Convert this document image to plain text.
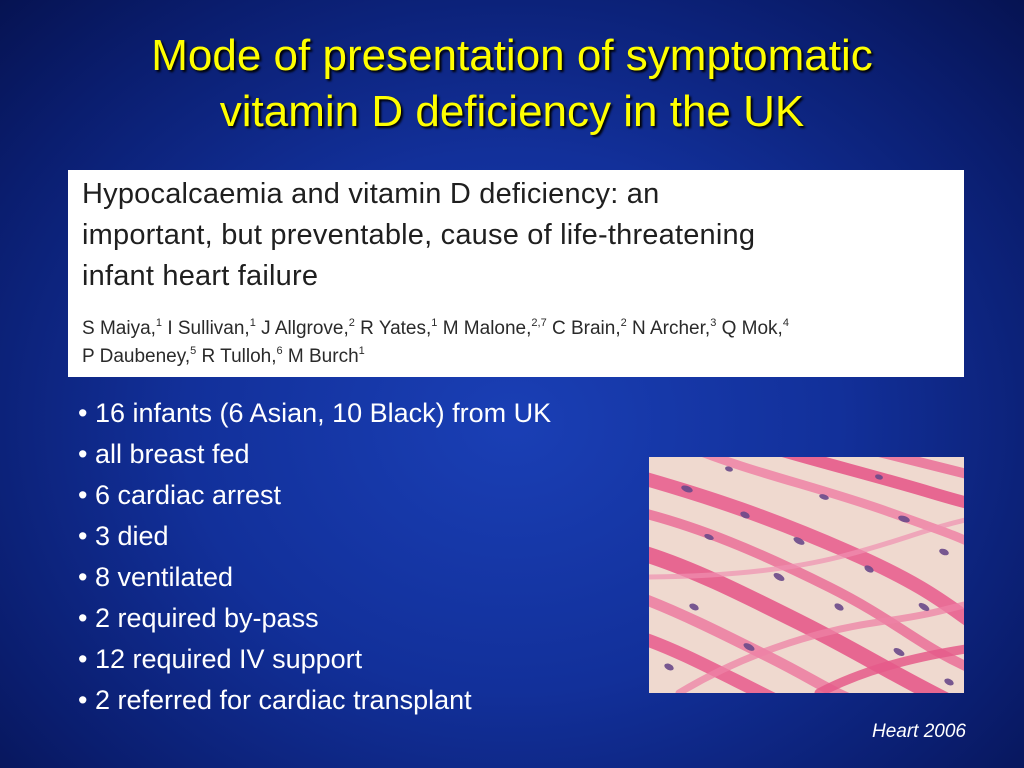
Mode of presentation of symptomatic
vitamin D deficiency in the UK
Hypocalcaemia and vitamin D deficiency: an
important, but preventable, cause of life-threatening
infant heart failure
S Maiya,$^1$ I Sullivan,$^1$ J Allgrove,$^2$ R Yates,$^1$ M Malone,$^{2,7}$ C Brain,$^2$ N Archer,$^3$ Q Mok,$^4$
P Daubeney,$^5$ R Tulloh,$^6$ M Burch$^1$
• 16 infants (6 Asian, 10 Black) from UK
• all breast fed
• 6 cardiac arrest
• 3 died
• 8 ventilated
• 2 required by-pass
• 12 required IV support
• 2 referred for cardiac transplant
Heart 2006
